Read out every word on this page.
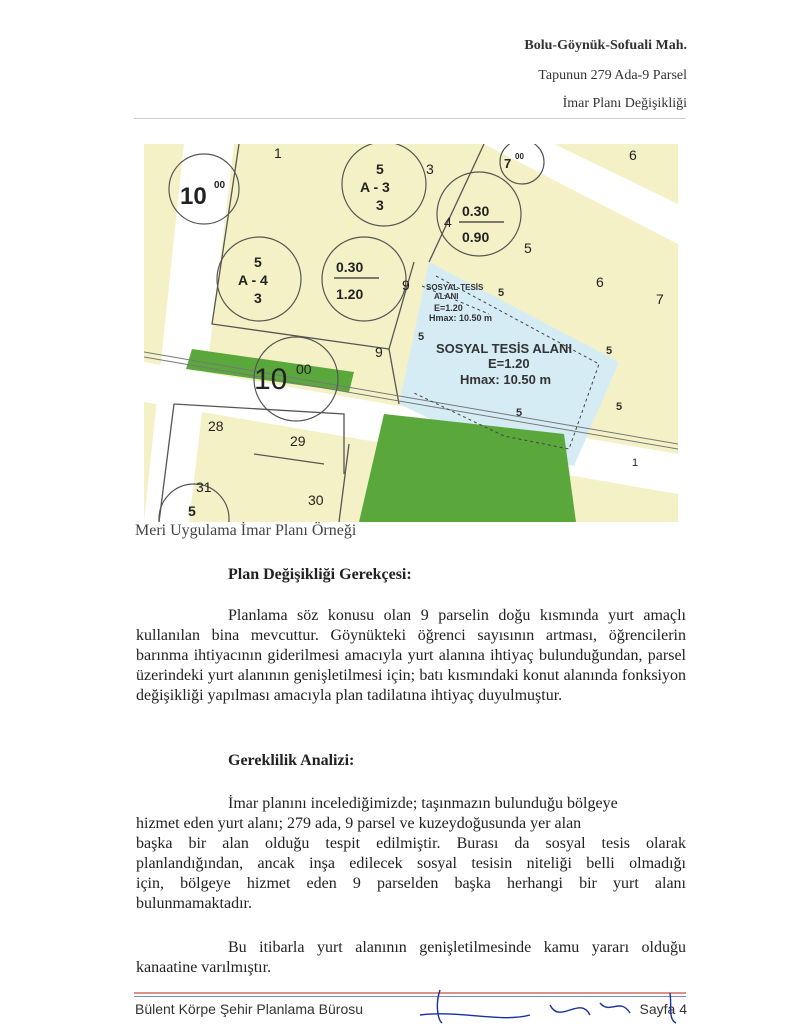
Bolu-Göynük-Sofuali Mah.
Tapunun 279 Ada-9 Parsel
İmar Planı Değişikliği
1
3
4
5
6
6
7
9
9
28
29
30
31
1
10 00
10 00
7 00
5
A - 3
3
5
A - 4
3
0.30
1.20
0.30
0.90
5
SOSYAL TESİS
ALANI
E=1.20
Hmax: 10.50 m
SOSYAL TESİS ALANI
E=1.20
Hmax: 10.50 m
5
5
5
5
5
Meri Uygulama İmar Planı Örneği
Plan Değişikliği Gerekçesi:

Planlama söz konusu olan 9 parselin doğu kısmında yurt amaçlı kullanılan bina mevcuttur. Göynükteki öğrenci sayısının artması, öğrencilerin barınma ihtiyacının giderilmesi amacıyla yurt alanına ihtiyaç bulunduğundan, parsel üzerindeki yurt alanının genişletilmesi için; batı kısmındaki konut alanında fonksiyon değişikliği yapılması amacıyla plan tadilatına ihtiyaç duyulmuştur.

Gereklilik Analizi:
İmar planını incelediğimizde; taşınmazın bulunduğu bölgeye
hizmet eden yurt alanı; 279 ada, 9 parsel ve kuzeydoğusunda yer alan
başka bir alan olduğu tespit edilmiştir. Burası da sosyal tesis olarak
planlandığından, ancak inşa edilecek sosyal tesisin niteliği belli olmadığı
için, bölgeye hizmet eden 9 parselden başka herhangi bir yurt alanı
bulunmamaktadır.

Bu itibarla yurt alanının genişletilmesinde kamu yararı olduğu kanaatine varılmıştır.

Bülent Körpe Şehir Planlama Bürosu	Sayfa 4
